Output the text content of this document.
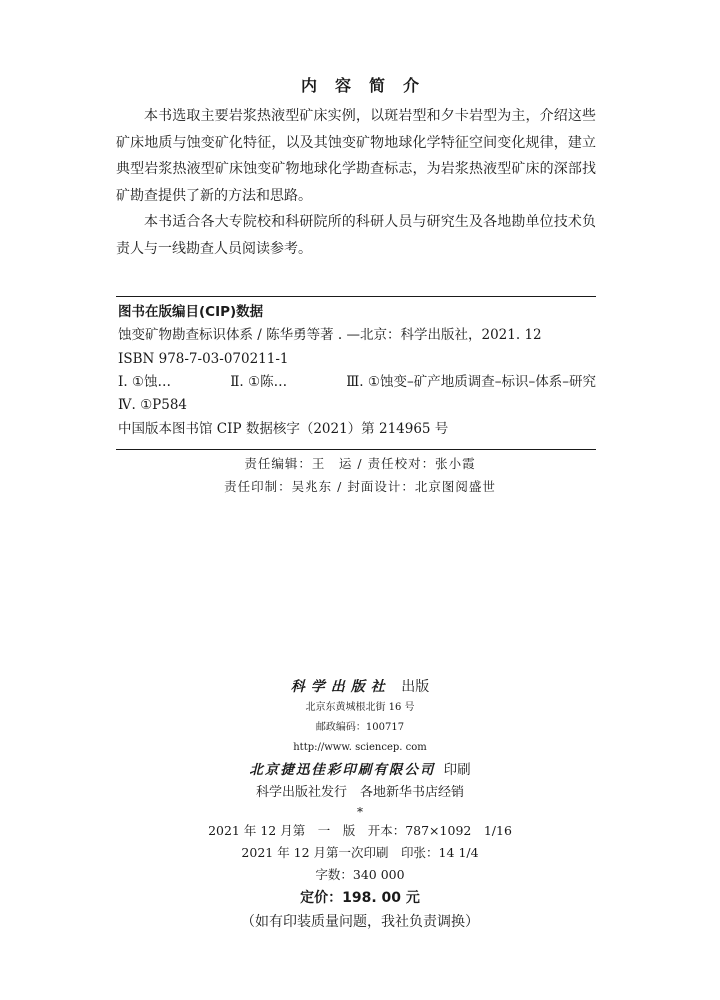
内容简介

本书选取主要岩浆热液型矿床实例，以斑岩型和夕卡岩型为主，介绍这些矿床地质与蚀变矿化特征，以及其蚀变矿物地球化学特征空间变化规律，建立典型岩浆热液型矿床蚀变矿物地球化学勘查标志，为岩浆热液型矿床的深部找矿勘查提供了新的方法和思路。

本书适合各大专院校和科研院所的科研人员与研究生及各地勘单位技术负责人与一线勘查人员阅读参考。

图书在版编目(CIP)数据
蚀变矿物勘查标识体系 / 陈华勇等著 . —北京：科学出版社，2021. 12
ISBN 978-7-03-070211-1
Ⅰ. ①蚀…	Ⅱ. ①陈…	Ⅲ. ①蚀变–矿产地质调查–标识–体系–研究
Ⅳ. ①P584
中国版本图书馆 CIP 数据核字（2021）第 214965 号
责任编辑：王　运 / 责任校对：张小霞
责任印制：吴兆东 / 封面设计：北京图阅盛世
科学出版社 出版
北京东黄城根北街 16 号
邮政编码：100717
http://www. sciencep. com
北京捷迅佳彩印刷有限公司 印刷
科学出版社发行　各地新华书店经销
*
2021 年 12 月第　一　版　开本：787×1092　1/16
2021 年 12 月第一次印刷　印张：14 1/4
字数：340 000
定价：198. 00 元
（如有印装质量问题，我社负责调换）
